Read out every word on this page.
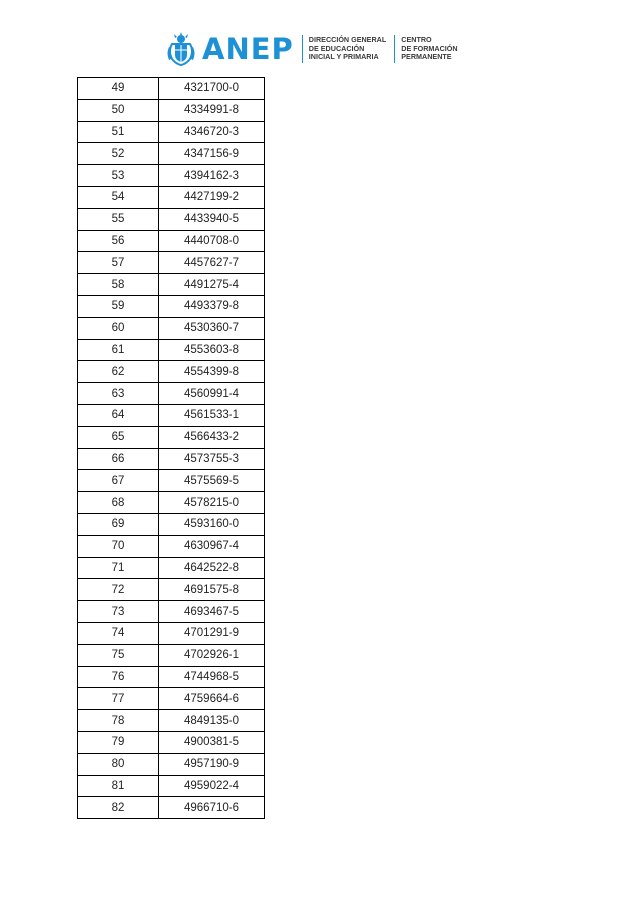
ANEP DIRECCIÓN GENERAL
DE EDUCACIÓN
INICIAL Y PRIMARIA
CENTRO
DE FORMACIÓN
PERMANENTE
49	4321700-0
50	4334991-8
51	4346720-3
52	4347156-9
53	4394162-3
54	4427199-2
55	4433940-5
56	4440708-0
57	4457627-7
58	4491275-4
59	4493379-8
60	4530360-7
61	4553603-8
62	4554399-8
63	4560991-4
64	4561533-1
65	4566433-2
66	4573755-3
67	4575569-5
68	4578215-0
69	4593160-0
70	4630967-4
71	4642522-8
72	4691575-8
73	4693467-5
74	4701291-9
75	4702926-1
76	4744968-5
77	4759664-6
78	4849135-0
79	4900381-5
80	4957190-9
81	4959022-4
82	4966710-6
